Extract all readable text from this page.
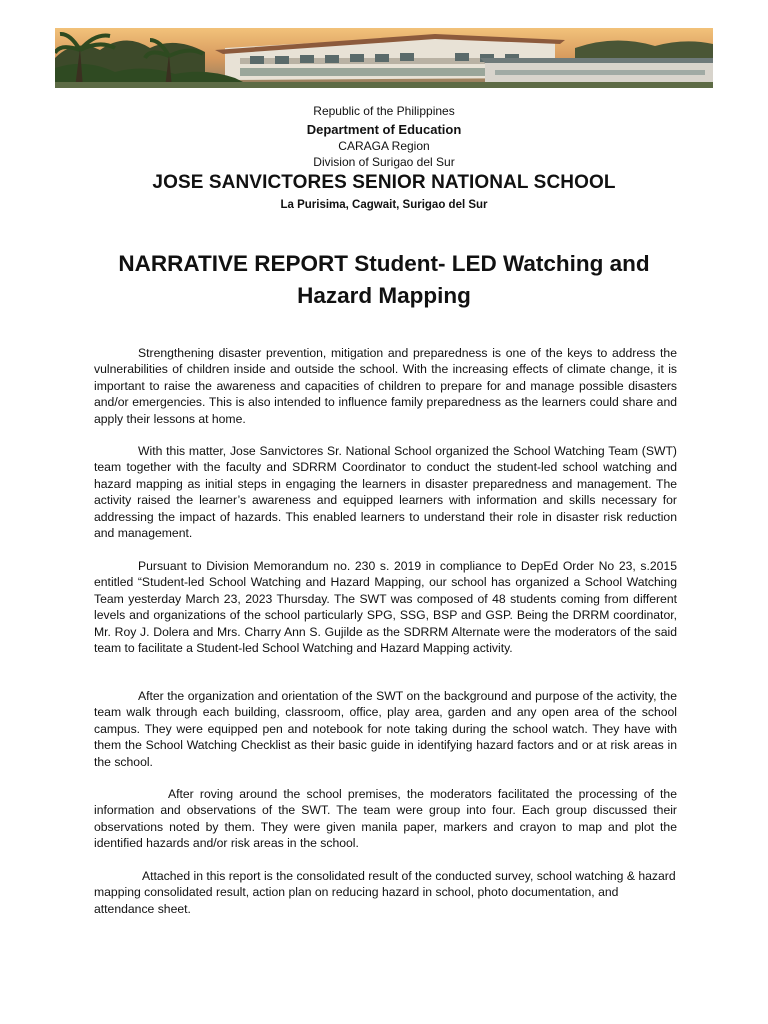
Republic of the Philippines
Department of Education
CARAGA Region
Division of Surigao del Sur
JOSE SANVICTORES SENIOR NATIONAL SCHOOL
La Purisima, Cagwait, Surigao del Sur
NARRATIVE REPORT Student- LED Watching and Hazard Mapping
Strengthening disaster prevention, mitigation and preparedness is one of the keys to address the vulnerabilities of children inside and outside the school. With the increasing effects of climate change, it is important to raise the awareness and capacities of children to prepare for and manage possible disasters and/or emergencies. This is also intended to influence family preparedness as the learners could share and apply their lessons at home.
With this matter, Jose Sanvictores Sr. National School organized the School Watching Team (SWT) team together with the faculty and SDRRM Coordinator to conduct the student-led school watching and hazard mapping as initial steps in engaging the learners in disaster preparedness and management. The activity raised the learner’s awareness and equipped learners with information and skills necessary for addressing the impact of hazards. This enabled learners to understand their role in disaster risk reduction and management.
Pursuant to Division Memorandum no. 230 s. 2019 in compliance to DepEd Order No 23, s.2015 entitled “Student-led School Watching and Hazard Mapping, our school has organized a School Watching Team yesterday March 23, 2023 Thursday. The SWT was composed of 48 students coming from different levels and organizations of the school particularly SPG, SSG, BSP and GSP. Being the DRRM coordinator, Mr. Roy J. Dolera and Mrs. Charry Ann S. Gujilde as the SDRRM Alternate were the moderators of the said team to facilitate a Student-led School Watching and Hazard Mapping activity.
After the organization and orientation of the SWT on the background and purpose of the activity, the team walk through each building, classroom, office, play area, garden and any open area of the school campus. They were equipped pen and notebook for note taking during the school watch. They have with them the School Watching Checklist as their basic guide in identifying hazard factors and or at risk areas in the school.
After roving around the school premises, the moderators facilitated the processing of the information and observations of the SWT. The team were group into four. Each group discussed their observations noted by them. They were given manila paper, markers and crayon to map and plot the identified hazards and/or risk areas in the school.
Attached in this report is the consolidated result of the conducted survey, school watching & hazard mapping consolidated result, action plan on reducing hazard in school, photo documentation, and attendance sheet.
